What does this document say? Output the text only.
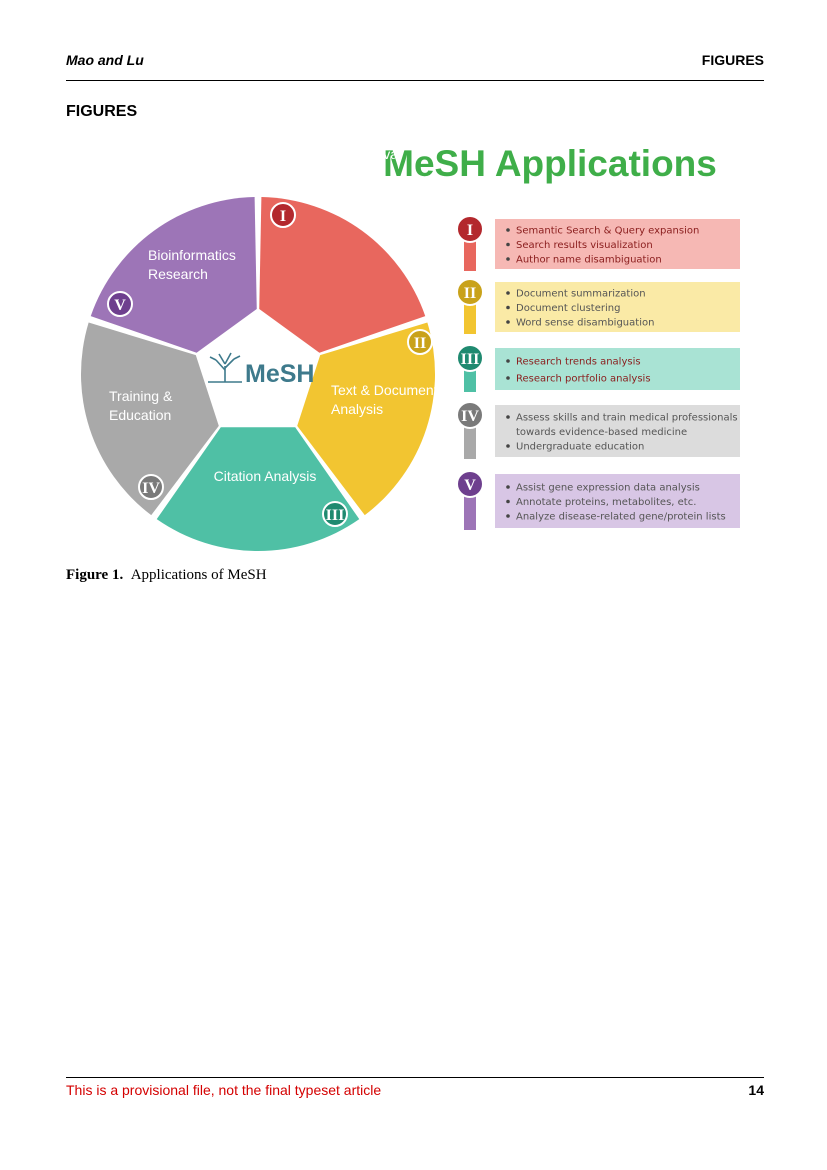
Mao and Lu	FIGURES
FIGURES
MeSH Applications
Literature Search
Information Retrieval
I
Text & Document
Analysis
II
Citation Analysis
III
Training &
Education
IV
Bioinformatics
Research
V
MeSH
I	Semantic Search & Query expansion
Search results visualization
Author name disambiguation
II	Document summarization
Document clustering
Word sense disambiguation
III	Research trends analysis
Research portfolio analysis
IV	Assess skills and train medical professionals
towards evidence-based medicine
Undergraduate education
V	Assist gene expression data analysis
Annotate proteins, metabolites, etc.
Analyze disease-related gene/protein lists
Figure 1. Applications of MeSH
This is a provisional file, not the final typeset article	14
